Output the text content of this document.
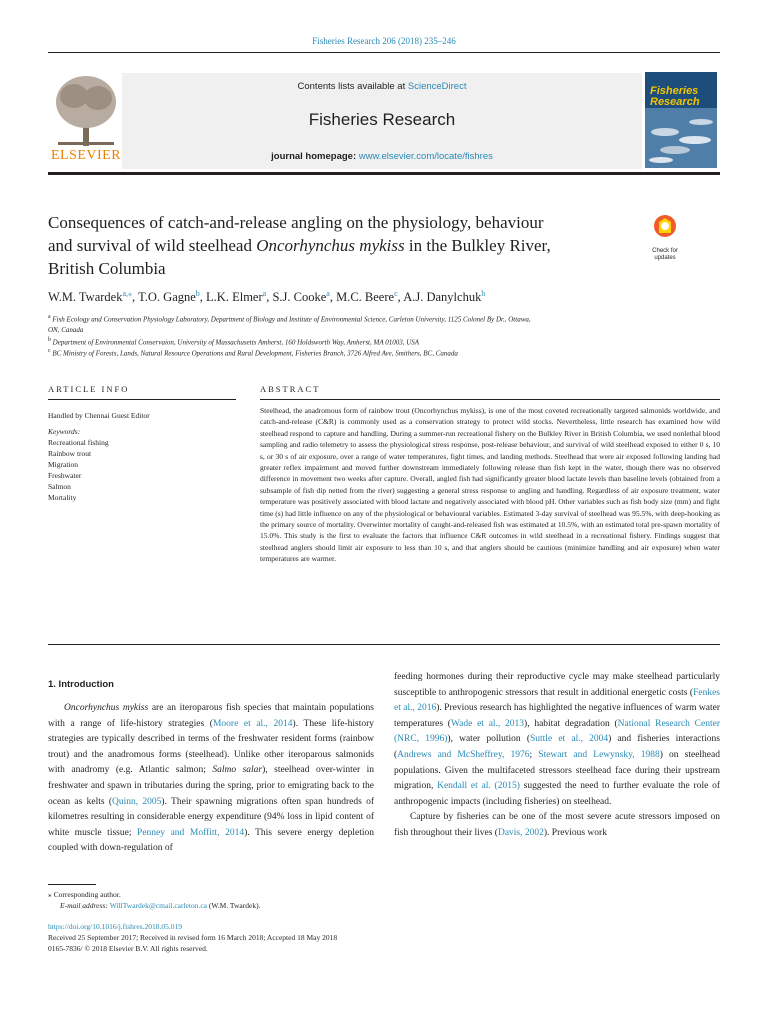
Fisheries Research 206 (2018) 235–246
ELSEVIER
Contents lists available at ScienceDirect
Fisheries Research
journal homepage: www.elsevier.com/locate/fishres
Fisheries Research
Consequences of catch-and-release angling on the physiology, behaviour
and survival of wild steelhead Oncorhynchus mykiss in the Bulkley River,
British Columbia
Check for updates
W.M. Twardek$^{a,⁎}$, T.O. Gagne$^b$, L.K. Elmer$^a$, S.J. Cooke$^a$, M.C. Beere$^c$, A.J. Danylchuk$^b$
$^a$ Fish Ecology and Conservation Physiology Laboratory, Department of Biology and Institute of Environmental Science, Carleton University, 1125 Colonel By Dr., Ottawa,
ON, Canada
$^b$ Department of Environmental Conservaion, University of Massachusetts Amherst, 160 Holdsworth Way, Amherst, MA 01003, USA
$^c$ BC Ministry of Forests, Lands, Natural Resource Operations and Rural Development, Fisheries Branch, 3726 Alfred Ave, Smithers, BC, Canada
ARTICLE INFO
Handled by Chennai Guest Editor
Keywords:
Recreational fishing
Rainbow trout
Migration
Freshwater
Salmon
Mortality
ABSTRACT
Steelhead, the anadromous form of rainbow trout (Oncorhynchus mykiss), is one of the most coveted recreationally targeted salmonids worldwide, and catch-and-release (C&R) is commonly used as a conservation strategy to protect wild stocks. Nevertheless, little research has examined how wild steelhead respond to capture and handling. During a summer-run recreational fishery on the Bulkley River in British Columbia, we used nonlethal blood sampling and radio telemetry to assess the physiological stress response, post-release behaviour, and survival of wild steelhead exposed to either 0 s, 10 s, or 30 s of air exposure, over a range of water temperatures, fight times, and landing methods. Steelhead that were air exposed following landing had greater reflex impairment and moved further downstream immediately following release than fish kept in the water, though there was no observed difference in movement two weeks after capture. Overall, angled fish had significantly greater blood lactate levels than baseline levels (obtained from a subsample of fish dip netted from the river) suggesting a general stress response to angling and handling. Regardless of air exposure treatment, water temperature was positively associated with blood lactate and negatively associated with blood pH. Other variables such as fish body size (mm) and fight time (s) had little influence on any of the physiological or behavioural variables. Estimated 3-day survival of steelhead was 95.5%, with deep-hooking as the primary source of mortality. Overwinter mortality of caught-and-released fish was estimated at 10.5%, with an estimated total pre-spawn mortality of 15.0%. This study is the first to evaluate the factors that influence C&R outcomes in wild steelhead in a recreational fishery. Findings suggest that steelhead anglers should limit air exposure to less than 10 s, and that anglers should be cautious (minimize handling and air exposure) when water temperatures are warmer.
1. Introduction

Oncorhynchus mykiss are an iteroparous fish species that maintain populations with a range of life-history strategies (Moore et al., 2014). These life-history strategies are typically described in terms of the freshwater resident forms (rainbow trout) and the anadromous forms (steelhead). Unlike other iteroparous salmonids with anadromy (e.g. Atlantic salmon; Salmo salar), steelhead over-winter in freshwater and spawn in tributaries during the spring, prior to emigrating back to the ocean as kelts (Quinn, 2005). Their spawning migrations often span hundreds of kilometres resulting in considerable energy expenditure (94% loss in lipid content of white muscle tissue; Penney and Moffitt, 2014). This severe energy depletion coupled with down-regulation of

feeding hormones during their reproductive cycle may make steelhead particularly susceptible to anthropogenic stressors that result in additional energetic costs (Fenkes et al., 2016). Previous research has highlighted the negative influences of warm water temperatures (Wade et al., 2013), habitat degradation (National Research Center (NRC, 1996)), water pollution (Suttle et al., 2004) and fisheries interactions (Andrews and McSheffrey, 1976; Stewart and Lewynsky, 1988) on steelhead populations. Given the multifaceted stressors steelhead face during their upstream migration, Kendall et al. (2015) suggested the need to further evaluate the role of anthropogenic impacts (including fisheries) on steelhead.

Capture by fisheries can be one of the most severe acute stressors imposed on fish throughout their lives (Davis, 2002). Previous work

⁎ Corresponding author.
E-mail address: WillTwardek@cmail.carleton.ca (W.M. Twardek).
https://doi.org/10.1016/j.fishres.2018.05.019
Received 25 September 2017; Received in revised form 16 March 2018; Accepted 18 May 2018
0165-7836/ © 2018 Elsevier B.V. All rights reserved.
